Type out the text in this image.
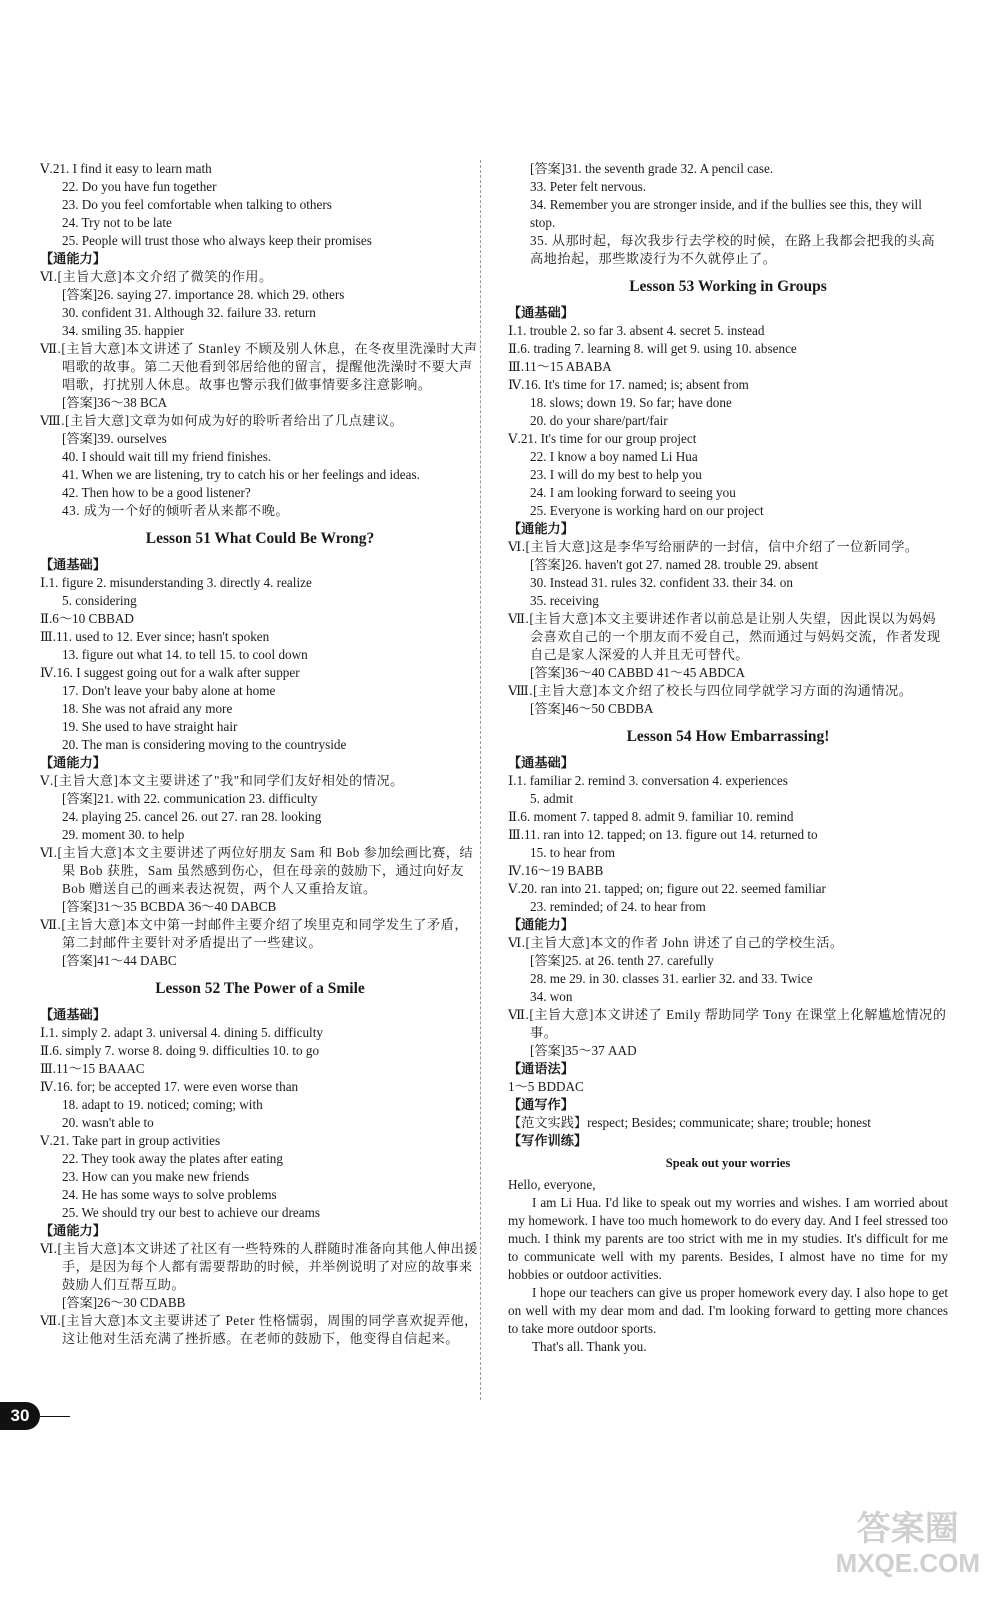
Ⅴ.21. I find it easy to learn math
22. Do you have fun together
23. Do you feel comfortable when talking to others
24. Try not to be late
25. People will trust those who always keep their promises
【通能力】
Ⅵ.[主旨大意]本文介绍了微笑的作用。
[答案]26. saying 27. importance 28. which 29. others
30. confident 31. Although 32. failure 33. return
34. smiling 35. happier
Ⅶ.[主旨大意]本文讲述了 Stanley 不顾及别人休息，在冬夜里洗澡时大声唱歌的故事。第二天他看到邻居给他的留言，提醒他洗澡时不要大声唱歌，打扰别人休息。故事也警示我们做事情要多注意影响。
[答案]36～38 BCA
Ⅷ.[主旨大意]文章为如何成为好的聆听者给出了几点建议。
[答案]39. ourselves
40. I should wait till my friend finishes.
41. When we are listening, try to catch his or her feelings and ideas.
42. Then how to be a good listener?
43. 成为一个好的倾听者从来都不晚。
Lesson 51 What Could Be Wrong?
【通基础】
Ⅰ.1. figure 2. misunderstanding 3. directly 4. realize
5. considering
Ⅱ.6～10 CBBAD
Ⅲ.11. used to 12. Ever since; hasn't spoken
13. figure out what 14. to tell 15. to cool down
Ⅳ.16. I suggest going out for a walk after supper
17. Don't leave your baby alone at home
18. She was not afraid any more
19. She used to have straight hair
20. The man is considering moving to the countryside
【通能力】
Ⅴ.[主旨大意]本文主要讲述了"我"和同学们友好相处的情况。
[答案]21. with 22. communication 23. difficulty
24. playing 25. cancel 26. out 27. ran 28. looking
29. moment 30. to help
Ⅵ.[主旨大意]本文主要讲述了两位好朋友 Sam 和 Bob 参加绘画比赛，结果 Bob 获胜，Sam 虽然感到伤心，但在母亲的鼓励下，通过向好友 Bob 赠送自己的画来表达祝贺，两个人又重拾友谊。
[答案]31～35 BCBDA 36～40 DABCB
Ⅶ.[主旨大意]本文中第一封邮件主要介绍了埃里克和同学发生了矛盾，第二封邮件主要针对矛盾提出了一些建议。
[答案]41～44 DABC
Lesson 52 The Power of a Smile
【通基础】
Ⅰ.1. simply 2. adapt 3. universal 4. dining 5. difficulty
Ⅱ.6. simply 7. worse 8. doing 9. difficulties 10. to go
Ⅲ.11～15 BAAAC
Ⅳ.16. for; be accepted 17. were even worse than
18. adapt to 19. noticed; coming; with
20. wasn't able to
Ⅴ.21. Take part in group activities
22. They took away the plates after eating
23. How can you make new friends
24. He has some ways to solve problems
25. We should try our best to achieve our dreams
【通能力】
Ⅵ.[主旨大意]本文讲述了社区有一些特殊的人群随时准备向其他人伸出援手，是因为每个人都有需要帮助的时候，并举例说明了对应的故事来鼓励人们互帮互助。
[答案]26～30 CDABB
Ⅶ.[主旨大意]本文主要讲述了 Peter 性格懦弱，周围的同学喜欢捉弄他，这让他对生活充满了挫折感。在老师的鼓励下，他变得自信起来。
[答案]31. the seventh grade 32. A pencil case.
33. Peter felt nervous.
34. Remember you are stronger inside, and if the bullies see this, they will stop.
35. 从那时起，每次我步行去学校的时候，在路上我都会把我的头高高地抬起，那些欺凌行为不久就停止了。
Lesson 53 Working in Groups
【通基础】
Ⅰ.1. trouble 2. so far 3. absent 4. secret 5. instead
Ⅱ.6. trading 7. learning 8. will get 9. using 10. absence
Ⅲ.11～15 ABABA
Ⅳ.16. It's time for 17. named; is; absent from
18. slows; down 19. So far; have done
20. do your share/part/fair
Ⅴ.21. It's time for our group project
22. I know a boy named Li Hua
23. I will do my best to help you
24. I am looking forward to seeing you
25. Everyone is working hard on our project
【通能力】
Ⅵ.[主旨大意]这是李华写给丽萨的一封信，信中介绍了一位新同学。
[答案]26. haven't got 27. named 28. trouble 29. absent
30. Instead 31. rules 32. confident 33. their 34. on
35. receiving
Ⅶ.[主旨大意]本文主要讲述作者以前总是让别人失望，因此误以为妈妈会喜欢自己的一个朋友而不爱自己，然而通过与妈妈交流，作者发现自己是家人深爱的人并且无可替代。
[答案]36～40 CABBD 41～45 ABDCA
Ⅷ.[主旨大意]本文介绍了校长与四位同学就学习方面的沟通情况。
[答案]46～50 CBDBA
Lesson 54 How Embarrassing!
【通基础】
Ⅰ.1. familiar 2. remind 3. conversation 4. experiences
5. admit
Ⅱ.6. moment 7. tapped 8. admit 9. familiar 10. remind
Ⅲ.11. ran into 12. tapped; on 13. figure out 14. returned to
15. to hear from
Ⅳ.16～19 BABB
Ⅴ.20. ran into 21. tapped; on; figure out 22. seemed familiar
23. reminded; of 24. to hear from
【通能力】
Ⅵ.[主旨大意]本文的作者 John 讲述了自己的学校生活。
[答案]25. at 26. tenth 27. carefully
28. me 29. in 30. classes 31. earlier 32. and 33. Twice
34. won
Ⅶ.[主旨大意]本文讲述了 Emily 帮助同学 Tony 在课堂上化解尴尬情况的事。
[答案]35～37 AAD
【通语法】
1～5 BDDAC
【通写作】
【范文实践】respect; Besides; communicate; share; trouble; honest
【写作训练】
Speak out your worries

Hello, everyone,

I am Li Hua. I'd like to speak out my worries and wishes. I am worried about my homework. I have too much homework to do every day. And I feel stressed too much. I think my parents are too strict with me in my studies. It's difficult for me to communicate well with my parents. Besides, I almost have no time for my hobbies or outdoor activities.

I hope our teachers can give us proper homework every day. I also hope to get on well with my dear mom and dad. I'm looking forward to getting more chances to take more outdoor sports.

That's all. Thank you.

30
答案圈
MXQE.COM
